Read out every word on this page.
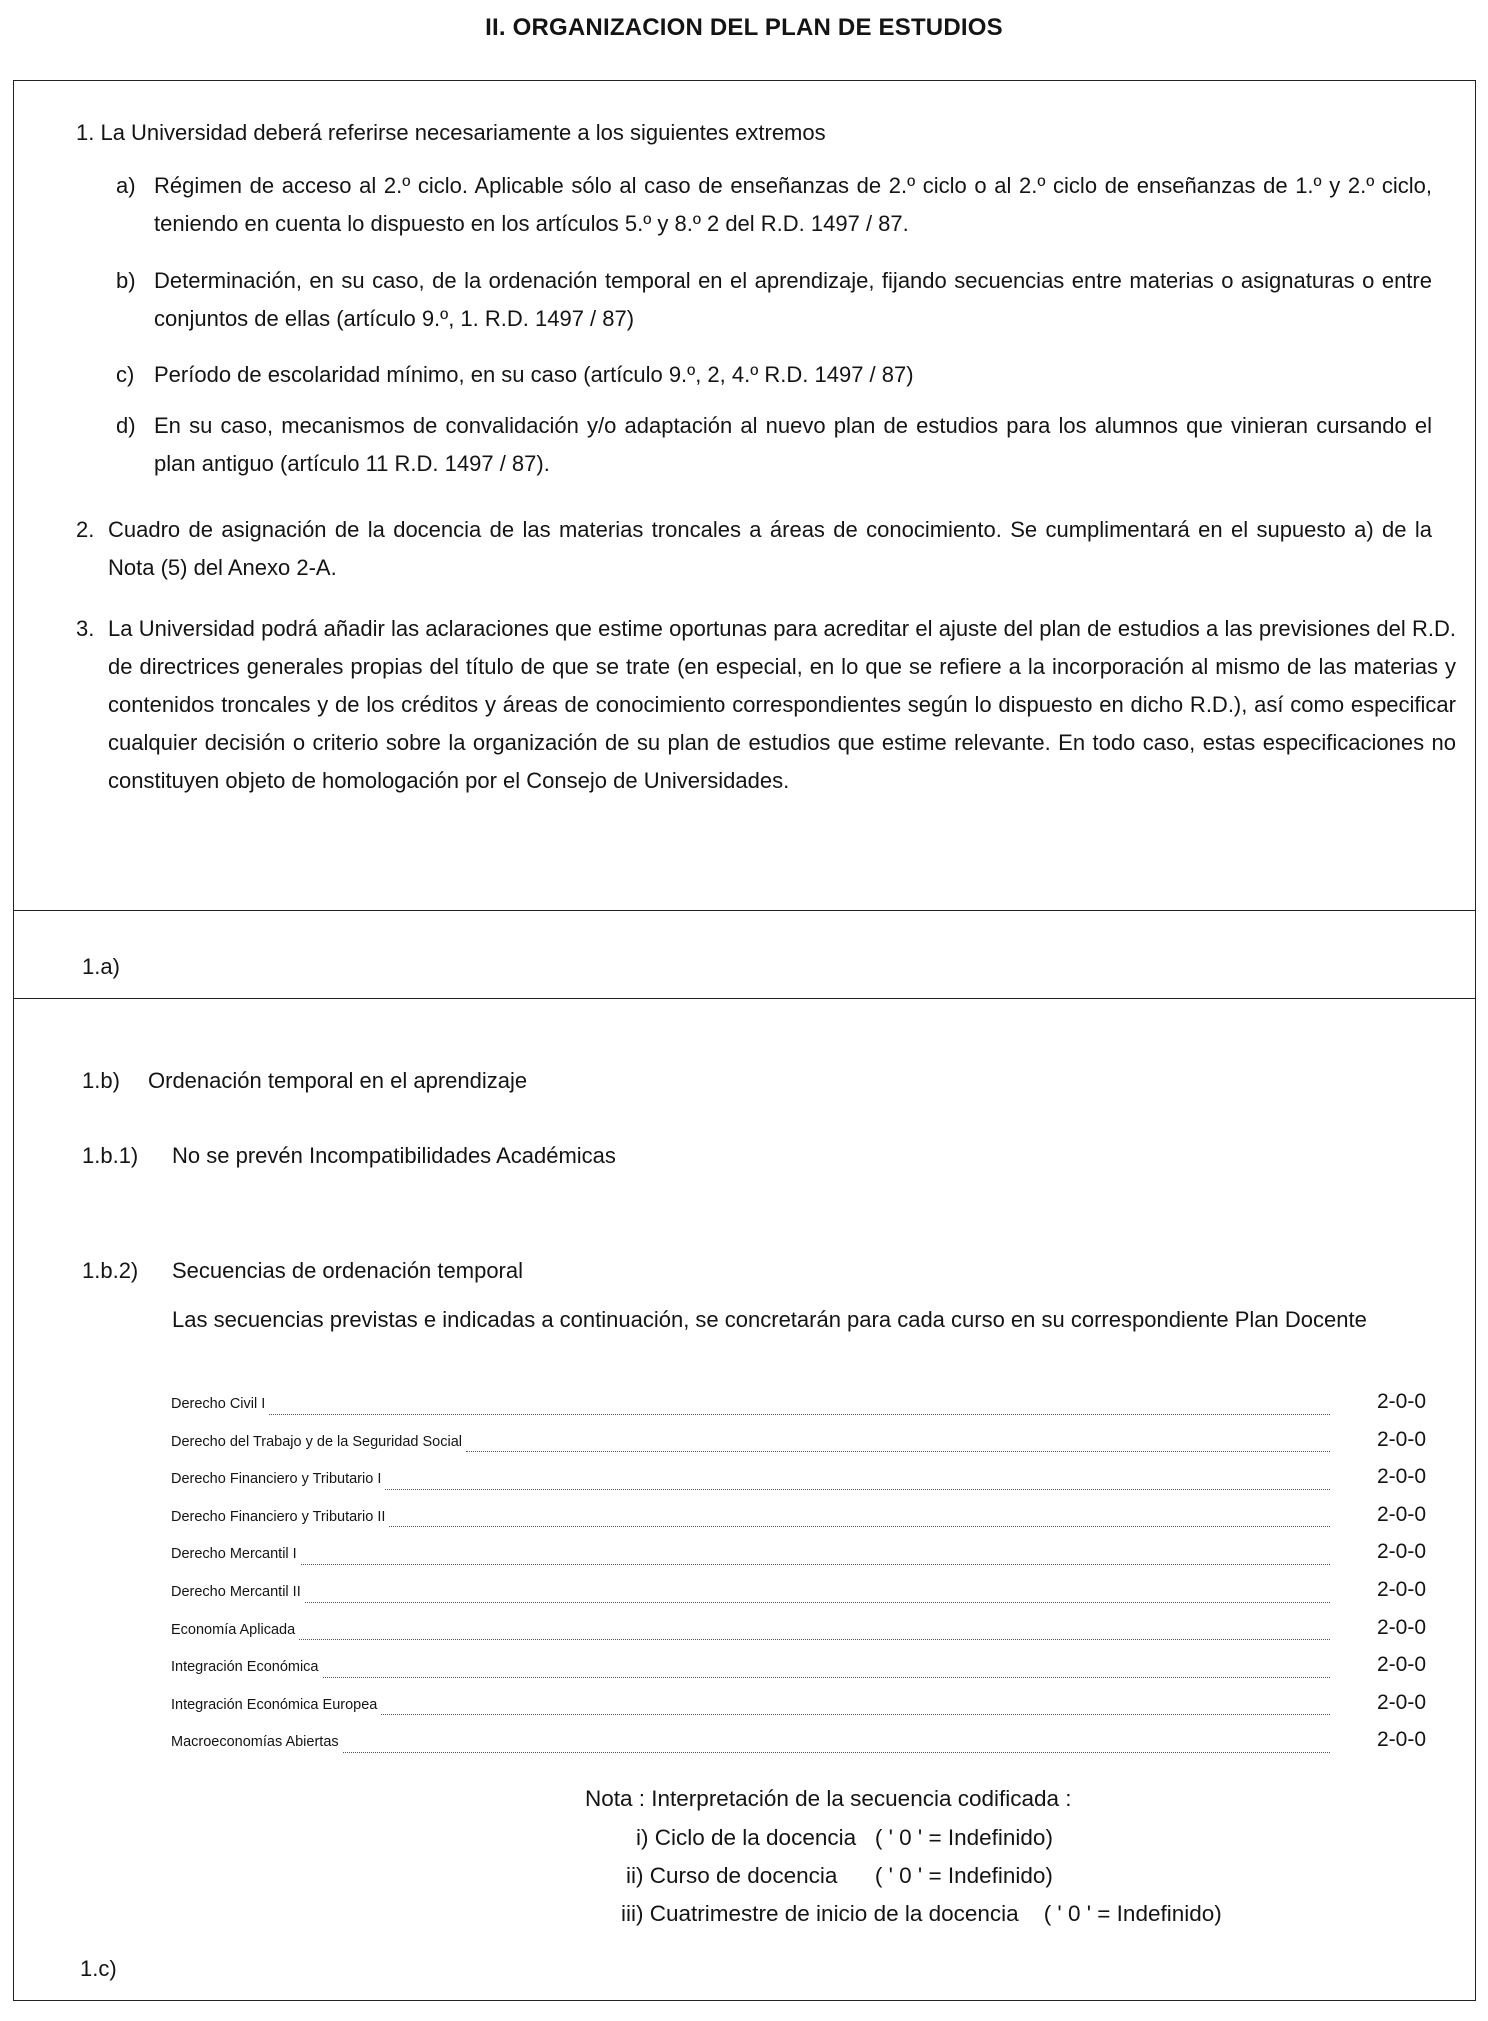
II. ORGANIZACION DEL PLAN DE ESTUDIOS
1. La Universidad deberá referirse necesariamente a los siguientes extremos
a) Régimen de acceso al 2.º ciclo. Aplicable sólo al caso de enseñanzas de 2.º ciclo o al 2.º ciclo de enseñanzas de 1.º y 2.º ciclo, teniendo en cuenta lo dispuesto en los artículos 5.º y 8.º 2 del R.D. 1497 / 87.
b) Determinación, en su caso, de la ordenación temporal en el aprendizaje, fijando secuencias entre materias o asignaturas o entre conjuntos de ellas (artículo 9.º, 1. R.D. 1497 / 87)
c) Período de escolaridad mínimo, en su caso (artículo 9.º, 2, 4.º R.D. 1497 / 87)
d) En su caso, mecanismos de convalidación y/o adaptación al nuevo plan de estudios para los alumnos que vinieran cursando el plan antiguo (artículo 11 R.D. 1497 / 87).
2. Cuadro de asignación de la docencia de las materias troncales a áreas de conocimiento. Se cumplimentará en el supuesto a) de la Nota (5) del Anexo 2-A.
3. La Universidad podrá añadir las aclaraciones que estime oportunas para acreditar el ajuste del plan de estudios a las previsiones del R.D. de directrices generales propias del título de que se trate (en especial, en lo que se refiere a la incorporación al mismo de las materias y contenidos troncales y de los créditos y áreas de conocimiento correspondientes según lo dispuesto en dicho R.D.), así como especificar cualquier decisión o criterio sobre la organización de su plan de estudios que estime relevante. En todo caso, estas especificaciones no constituyen objeto de homologación por el Consejo de Universidades.
1.a)
1.b) Ordenación temporal en el aprendizaje
1.b.1) No se prevén Incompatibilidades Académicas
1.b.2) Secuencias de ordenación temporal
Las secuencias previstas e indicadas a continuación, se concretarán para cada curso en su correspondiente Plan Docente
Derecho Civil I	2-0-0
Derecho del Trabajo y de la Seguridad Social	2-0-0
Derecho Financiero y Tributario I	2-0-0
Derecho Financiero y Tributario II	2-0-0
Derecho Mercantil I	2-0-0
Derecho Mercantil II	2-0-0
Economía Aplicada	2-0-0
Integración Económica	2-0-0
Integración Económica Europea	2-0-0
Macroeconomías Abiertas	2-0-0
Nota : Interpretación de la secuencia codificada :
i) Ciclo de la docencia   ( ' 0 ' = Indefinido)
ii) Curso de docencia      ( ' 0 ' = Indefinido)
iii) Cuatrimestre de inicio de la docencia    ( ' 0 ' = Indefinido)
1.c)
